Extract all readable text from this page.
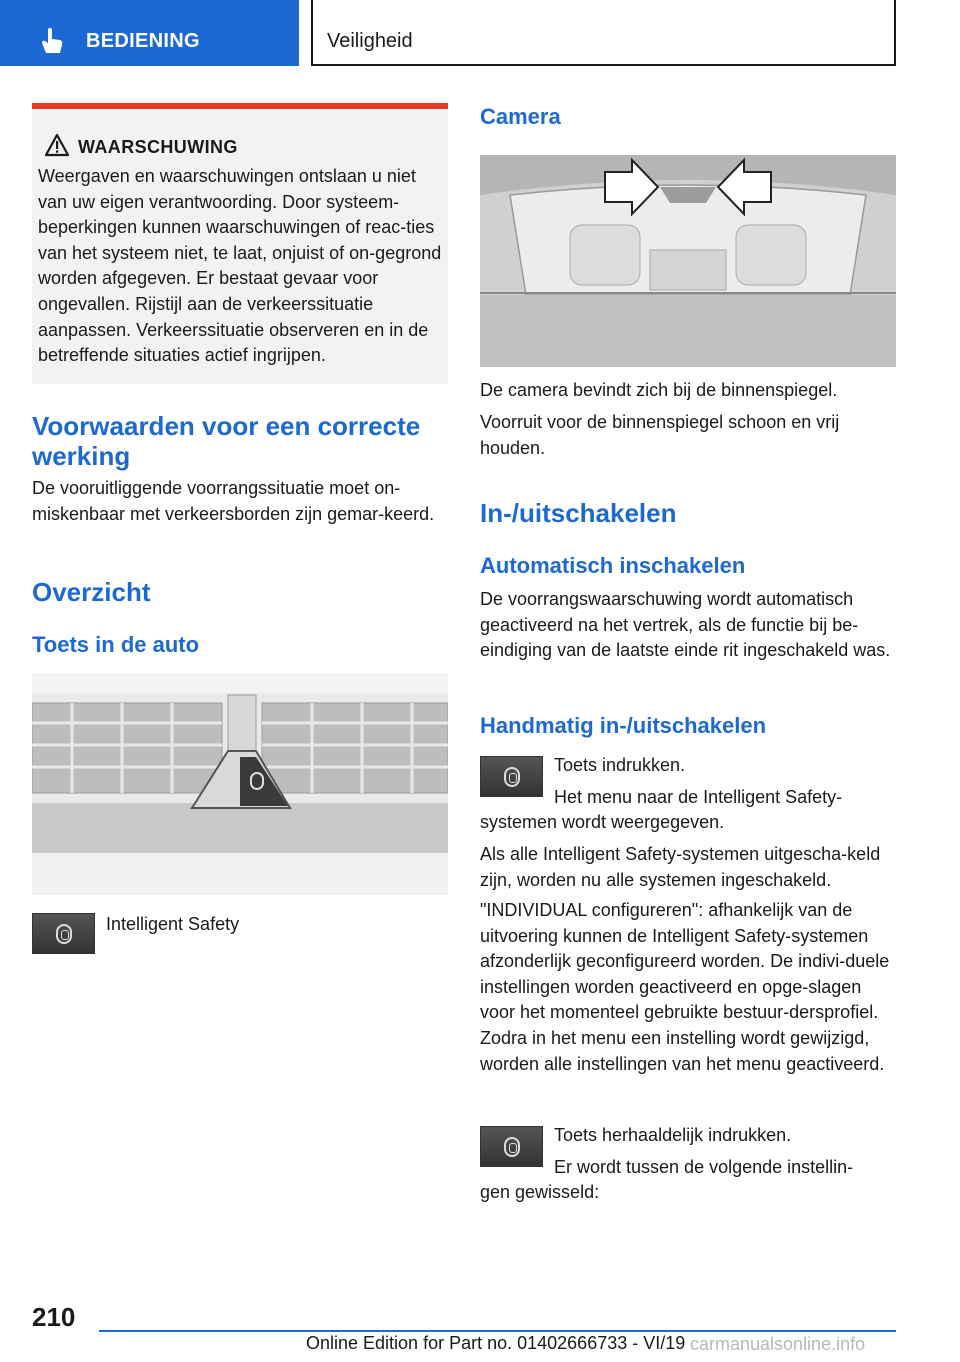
BEDIENING	Veiligheid
WAARSCHUWING
Weergaven en waarschuwingen ontslaan u niet van uw eigen verantwoording. Door systeem-beperkingen kunnen waarschuwingen of reac-ties van het systeem niet, te laat, onjuist of on-gegrond worden afgegeven. Er bestaat gevaar voor ongevallen. Rijstijl aan de verkeerssituatie aanpassen. Verkeerssituatie observeren en in de betreffende situaties actief ingrijpen.
Voorwaarden voor een correcte werking
De vooruitliggende voorrangssituatie moet on-miskenbaar met verkeersborden zijn gemar-keerd.
Overzicht
Toets in de auto
Intelligent Safety
Camera
De camera bevindt zich bij de binnenspiegel.
Voorruit voor de binnenspiegel schoon en vrij houden.
In-/uitschakelen
Automatisch inschakelen
De voorrangswaarschuwing wordt automatisch geactiveerd na het vertrek, als de functie bij be-eindiging van de laatste einde rit ingeschakeld was.
Handmatig in-/uitschakelen
Toets indrukken.
Het menu naar de Intelligent Safety-
systemen wordt weergegeven.
Als alle Intelligent Safety-systemen uitgescha-keld zijn, worden nu alle systemen ingeschakeld.
"INDIVIDUAL configureren": afhankelijk van de uitvoering kunnen de Intelligent Safety-systemen afzonderlijk geconfigureerd worden. De indivi-duele instellingen worden geactiveerd en opge-slagen voor het momenteel gebruikte bestuur-dersprofiel. Zodra in het menu een instelling wordt gewijzigd, worden alle instellingen van het menu geactiveerd.
Toets herhaaldelijk indrukken.
Er wordt tussen de volgende instellin-
gen gewisseld:
210
Online Edition for Part no. 01402666733 - VI/19 carmanualsonline.info
